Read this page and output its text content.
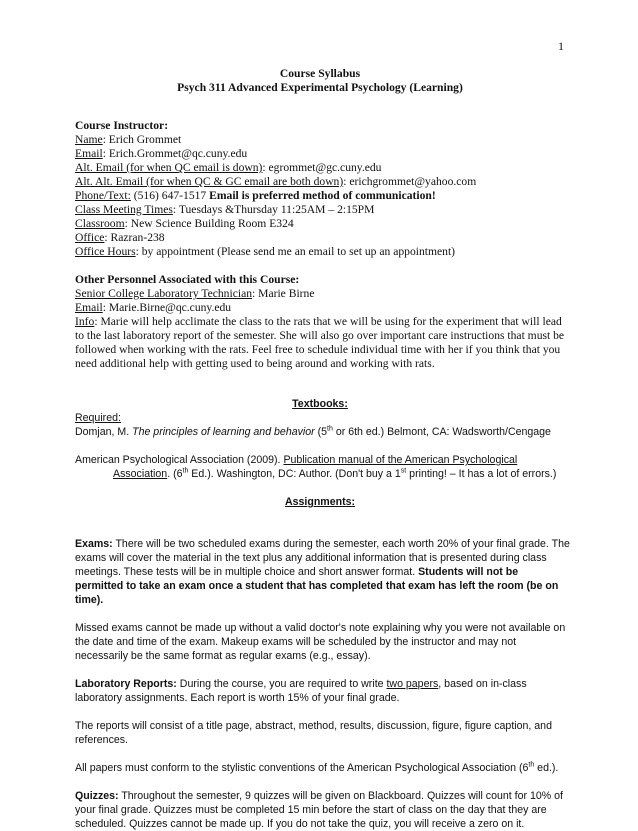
1
Course Syllabus
Psych 311 Advanced Experimental Psychology (Learning)
Course Instructor:
Name: Erich Grommet
Email: Erich.Grommet@qc.cuny.edu
Alt. Email (for when QC email is down): egrommet@gc.cuny.edu
Alt. Alt. Email (for when QC & GC email are both down): erichgrommet@yahoo.com
Phone/Text: (516) 647-1517 Email is preferred method of communication!
Class Meeting Times: Tuesdays &Thursday 11:25AM – 2:15PM
Classroom: New Science Building Room E324
Office: Razran-238
Office Hours: by appointment (Please send me an email to set up an appointment)
Other Personnel Associated with this Course:
Senior College Laboratory Technician: Marie Birne
Email: Marie.Birne@qc.cuny.edu
Info: Marie will help acclimate the class to the rats that we will be using for the experiment that will lead
to the last laboratory report of the semester. She will also go over important care instructions that must be
followed when working with the rats. Feel free to schedule individual time with her if you think that you
need additional help with getting used to being around and working with rats.
Textbooks:
Required:
Domjan, M. The principles of learning and behavior (5th or 6th ed.) Belmont, CA: Wadsworth/Cengage
American Psychological Association (2009). Publication manual of the American Psychological
Association. (6th Ed.). Washington, DC: Author. (Don't buy a 1st printing! – It has a lot of errors.)
Assignments:
Exams: There will be two scheduled exams during the semester, each worth 20% of your final grade. The
exams will cover the material in the text plus any additional information that is presented during class
meetings. These tests will be in multiple choice and short answer format. Students will not be
permitted to take an exam once a student that has completed that exam has left the room (be on
time).
Missed exams cannot be made up without a valid doctor's note explaining why you were not available on
the date and time of the exam. Makeup exams will be scheduled by the instructor and may not
necessarily be the same format as regular exams (e.g., essay).
Laboratory Reports: During the course, you are required to write two papers, based on in-class
laboratory assignments. Each report is worth 15% of your final grade.
The reports will consist of a title page, abstract, method, results, discussion, figure, figure caption, and
references.
All papers must conform to the stylistic conventions of the American Psychological Association (6th ed.).
Quizzes: Throughout the semester, 9 quizzes will be given on Blackboard. Quizzes will count for 10% of
your final grade. Quizzes must be completed 15 min before the start of class on the day that they are
scheduled. Quizzes cannot be made up. If you do not take the quiz, you will receive a zero on it.
